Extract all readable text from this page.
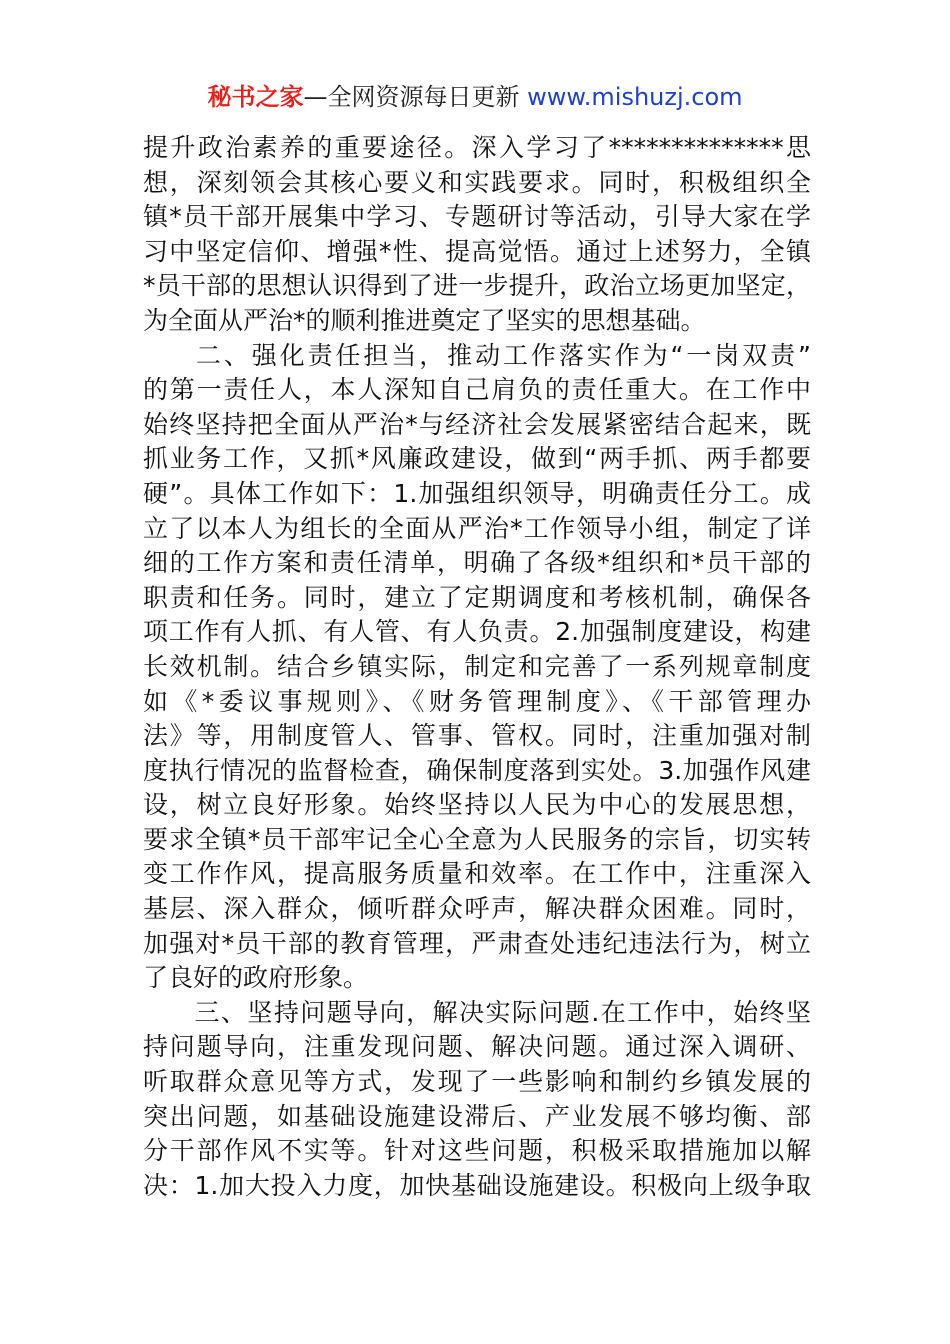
秘书之家—全网资源每日更新 www.mishuzj.com
提升政治素养的重要途径。深入学习了**************思
想，深刻领会其核心要义和实践要求。同时，积极组织全
镇*员干部开展集中学习、专题研讨等活动，引导大家在学
习中坚定信仰、增强*性、提高觉悟。通过上述努力，全镇
*员干部的思想认识得到了进一步提升，政治立场更加坚定，
为全面从严治*的顺利推进奠定了坚实的思想基础。
二、强化责任担当，推动工作落实作为“一岗双责”
的第一责任人，本人深知自己肩负的责任重大。在工作中
始终坚持把全面从严治*与经济社会发展紧密结合起来，既
抓业务工作，又抓*风廉政建设，做到“两手抓、两手都要
硬”。具体工作如下：1.加强组织领导，明确责任分工。成
立了以本人为组长的全面从严治*工作领导小组，制定了详
细的工作方案和责任清单，明确了各级*组织和*员干部的
职责和任务。同时，建立了定期调度和考核机制，确保各
项工作有人抓、有人管、有人负责。2.加强制度建设，构建
长效机制。结合乡镇实际，制定和完善了一系列规章制度
如《*委议事规则》、《财务管理制度》、《干部管理办
法》等，用制度管人、管事、管权。同时，注重加强对制
度执行情况的监督检查，确保制度落到实处。3.加强作风建
设，树立良好形象。始终坚持以人民为中心的发展思想，
要求全镇*员干部牢记全心全意为人民服务的宗旨，切实转
变工作作风，提高服务质量和效率。在工作中，注重深入
基层、深入群众，倾听群众呼声，解决群众困难。同时，
加强对*员干部的教育管理，严肃查处违纪违法行为，树立
了良好的政府形象。
三、坚持问题导向，解决实际问题.在工作中，始终坚
持问题导向，注重发现问题、解决问题。通过深入调研、
听取群众意见等方式，发现了一些影响和制约乡镇发展的
突出问题，如基础设施建设滞后、产业发展不够均衡、部
分干部作风不实等。针对这些问题，积极采取措施加以解
决：1.加大投入力度，加快基础设施建设。积极向上级争取
